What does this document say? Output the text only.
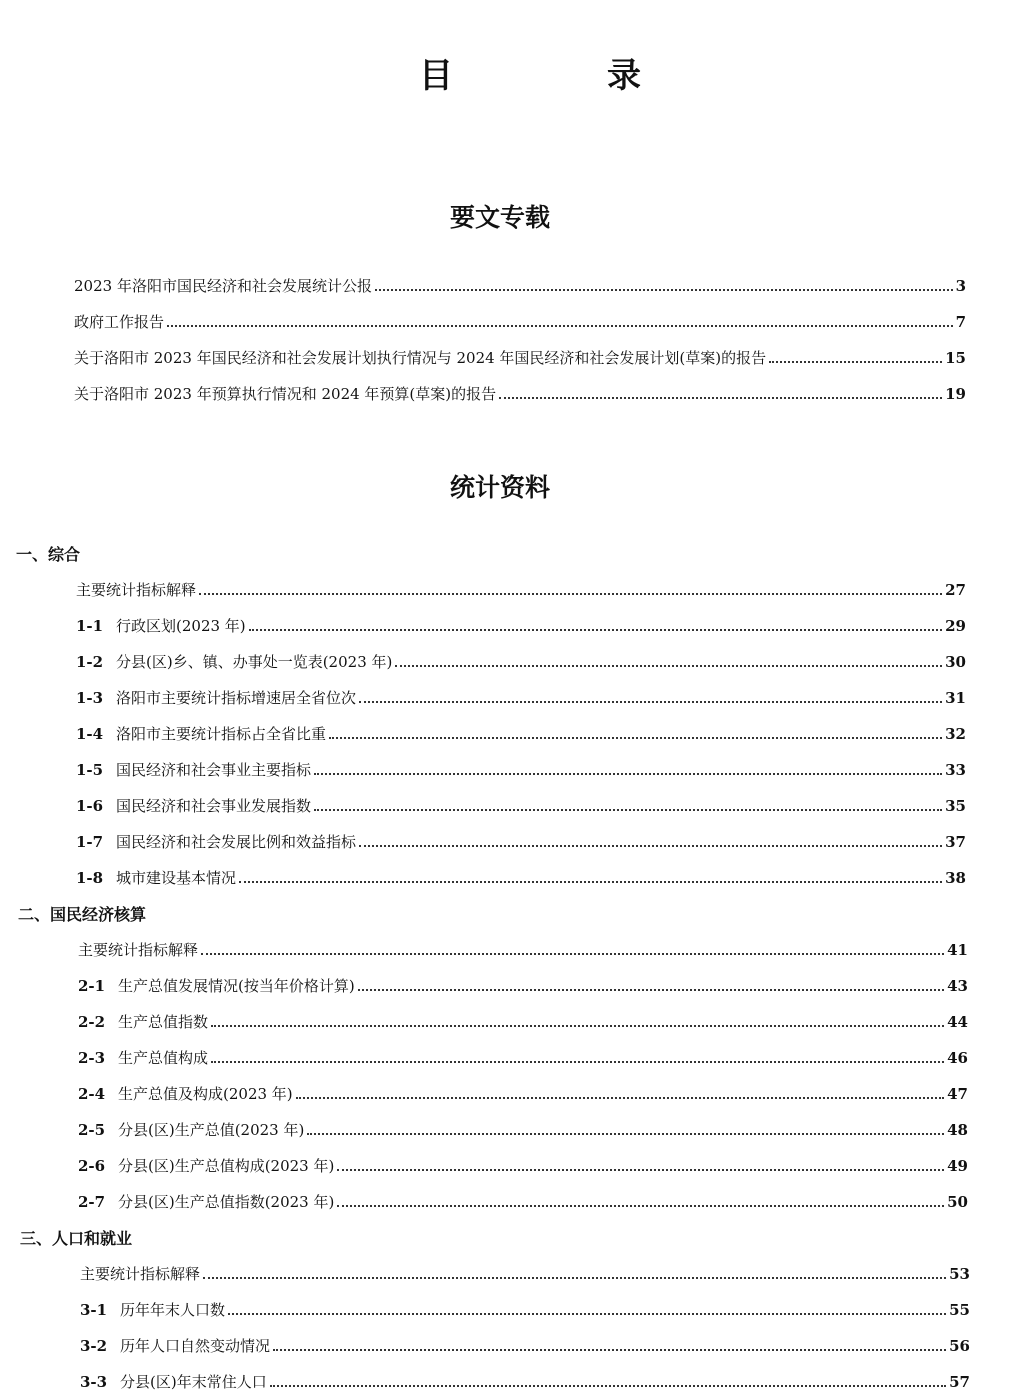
目　录
要文专载
2023 年洛阳市国民经济和社会发展统计公报	3
政府工作报告	7
关于洛阳市 2023 年国民经济和社会发展计划执行情况与 2024 年国民经济和社会发展计划(草案)的报告	15
关于洛阳市 2023 年预算执行情况和 2024 年预算(草案)的报告	19
统计资料
一、综合
主要统计指标解释	27
1-1 行政区划(2023 年)	29
1-2 分县(区)乡、镇、办事处一览表(2023 年)	30
1-3 洛阳市主要统计指标增速居全省位次	31
1-4 洛阳市主要统计指标占全省比重	32
1-5 国民经济和社会事业主要指标	33
1-6 国民经济和社会事业发展指数	35
1-7 国民经济和社会发展比例和效益指标	37
1-8 城市建设基本情况	38
二、国民经济核算
主要统计指标解释	41
2-1 生产总值发展情况(按当年价格计算)	43
2-2 生产总值指数	44
2-3 生产总值构成	46
2-4 生产总值及构成(2023 年)	47
2-5 分县(区)生产总值(2023 年)	48
2-6 分县(区)生产总值构成(2023 年)	49
2-7 分县(区)生产总值指数(2023 年)	50
三、人口和就业
主要统计指标解释	53
3-1 历年年末人口数	55
3-2 历年人口自然变动情况	56
3-3 分县(区)年末常住人口	57
